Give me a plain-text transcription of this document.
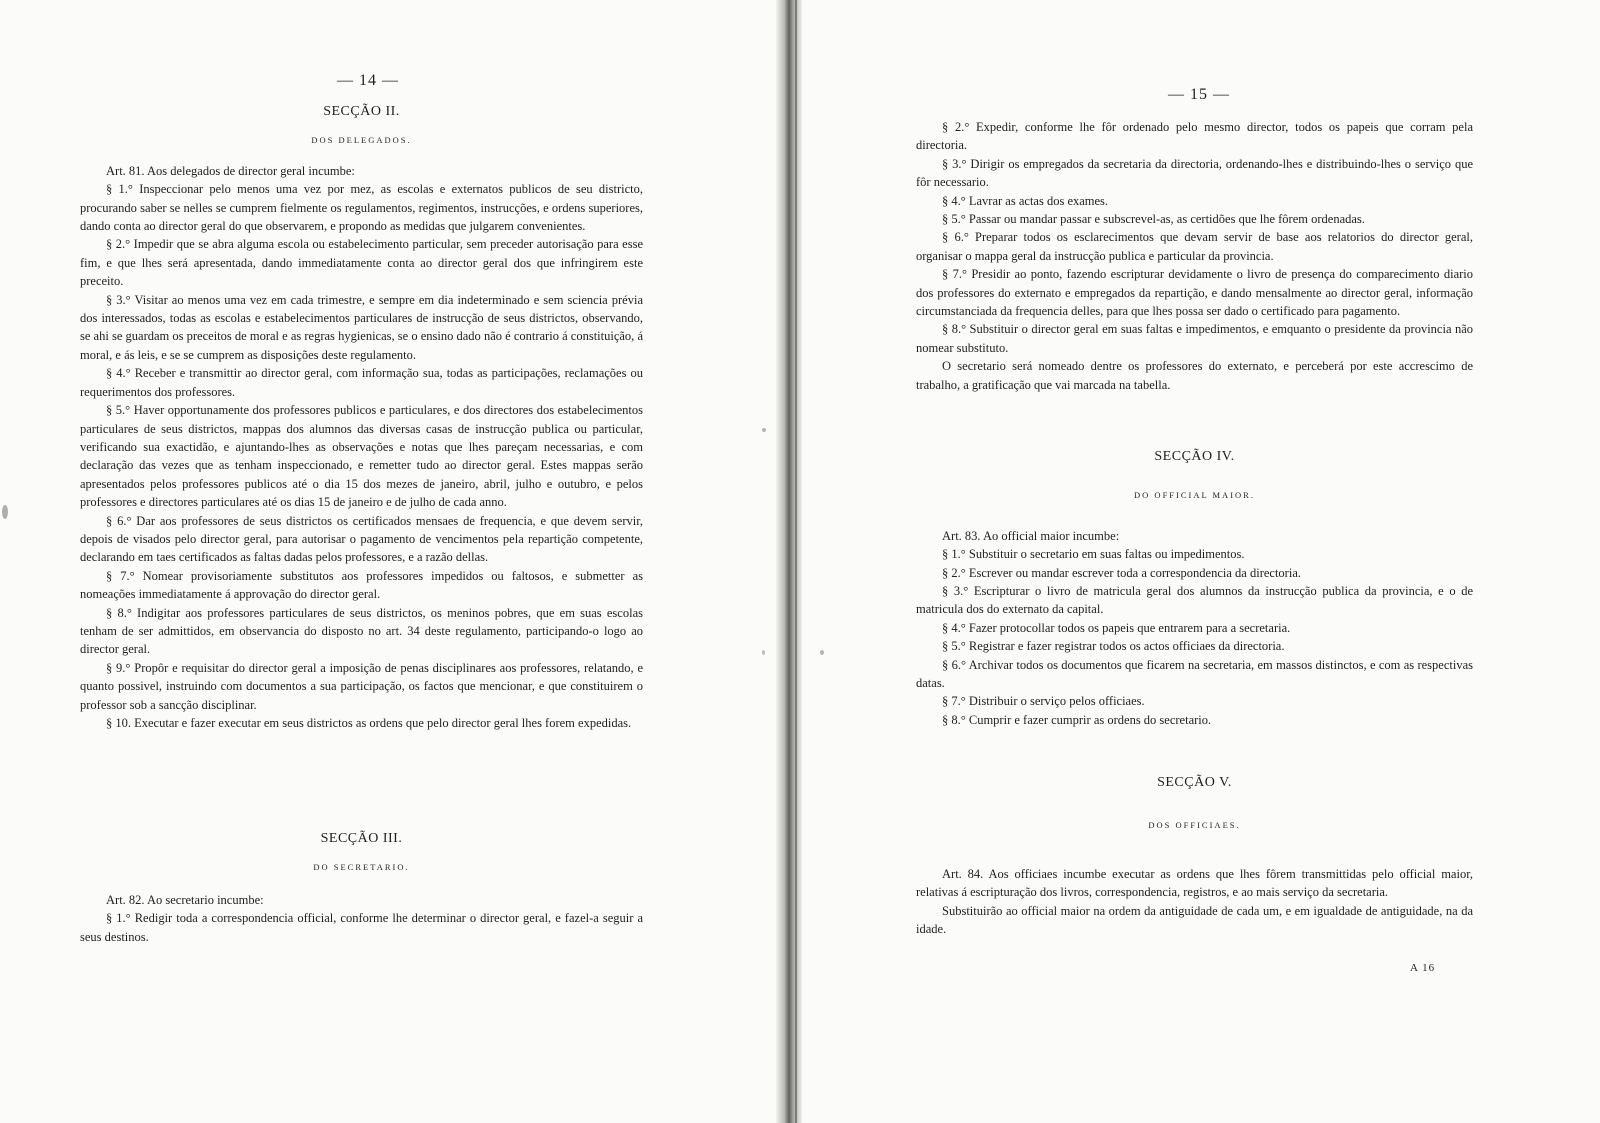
— 14 —

SECÇÃO II.

DOS DELEGADOS.

Art. 81. Aos delegados de director geral incumbe:

§ 1.° Inspeccionar pelo menos uma vez por mez, as escolas e externatos publicos de seu districto, procurando saber se nelles se cumprem fielmente os regulamentos, regimentos, instrucções, e ordens superiores, dando conta ao director geral do que observarem, e propondo as medidas que julgarem convenientes.

§ 2.° Impedir que se abra alguma escola ou estabelecimento particular, sem preceder autorisação para esse fim, e que lhes será apresentada, dando immediatamente conta ao director geral dos que infringirem este preceito.

§ 3.° Visitar ao menos uma vez em cada trimestre, e sempre em dia indeterminado e sem sciencia prévia dos interessados, todas as escolas e estabelecimentos particulares de instrucção de seus districtos, observando, se ahi se guardam os preceitos de moral e as regras hygienicas, se o ensino dado não é contrario á constituição, á moral, e ás leis, e se se cumprem as disposições deste regulamento.

§ 4.° Receber e transmittir ao director geral, com informação sua, todas as participações, reclamações ou requerimentos dos professores.

§ 5.° Haver opportunamente dos professores publicos e particulares, e dos directores dos estabelecimentos particulares de seus districtos, mappas dos alumnos das diversas casas de instrucção publica ou particular, verificando sua exactidão, e ajuntando-lhes as observações e notas que lhes pareçam necessarias, e com declaração das vezes que as tenham inspeccionado, e remetter tudo ao director geral. Estes mappas serão apresentados pelos professores publicos até o dia 15 dos mezes de janeiro, abril, julho e outubro, e pelos professores e directores particulares até os dias 15 de janeiro e de julho de cada anno.

§ 6.° Dar aos professores de seus districtos os certificados mensaes de frequencia, e que devem servir, depois de visados pelo director geral, para autorisar o pagamento de vencimentos pela repartição competente, declarando em taes certificados as faltas dadas pelos professores, e a razão dellas.

§ 7.° Nomear provisoriamente substitutos aos professores impedidos ou faltosos, e submetter as nomeações immediatamente á approvação do director geral.

§ 8.° Indigitar aos professores particulares de seus districtos, os meninos pobres, que em suas escolas tenham de ser admittidos, em observancia do disposto no art. 34 deste regulamento, participando-o logo ao director geral.

§ 9.° Propôr e requisitar do director geral a imposição de penas disciplinares aos professores, relatando, e quanto possivel, instruindo com documentos a sua participação, os factos que mencionar, e que constituirem o professor sob a sancção disciplinar.

§ 10. Executar e fazer executar em seus districtos as ordens que pelo director geral lhes forem expedidas.

SECÇÃO III.

DO SECRETARIO.

Art. 82. Ao secretario incumbe:

§ 1.° Redigir toda a correspondencia official, conforme lhe determinar o director geral, e fazel-a seguir a seus destinos.

— 15 —

§ 2.° Expedir, conforme lhe fôr ordenado pelo mesmo director, todos os papeis que corram pela directoria.

§ 3.° Dirigir os empregados da secretaria da directoria, ordenando-lhes e distribuindo-lhes o serviço que fôr necessario.

§ 4.° Lavrar as actas dos exames.

§ 5.° Passar ou mandar passar e subscrevel-as, as certidões que lhe fôrem ordenadas.

§ 6.° Preparar todos os esclarecimentos que devam servir de base aos relatorios do director geral, organisar o mappa geral da instrucção publica e particular da provincia.

§ 7.° Presidir ao ponto, fazendo escripturar devidamente o livro de presença do comparecimento diario dos professores do externato e empregados da repartição, e dando mensalmente ao director geral, informação circumstanciada da frequencia delles, para que lhes possa ser dado o certificado para pagamento.

§ 8.° Substituir o director geral em suas faltas e impedimentos, e emquanto o presidente da provincia não nomear substituto.

O secretario será nomeado dentre os professores do externato, e perceberá por este accrescimo de trabalho, a gratificação que vai marcada na tabella.

SECÇÃO IV.

DO OFFICIAL MAIOR.

Art. 83. Ao official maior incumbe:

§ 1.° Substituir o secretario em suas faltas ou impedimentos.

§ 2.° Escrever ou mandar escrever toda a correspondencia da directoria.

§ 3.° Escripturar o livro de matricula geral dos alumnos da instrucção publica da provincia, e o de matricula dos do externato da capital.

§ 4.° Fazer protocollar todos os papeis que entrarem para a secretaria.

§ 5.° Registrar e fazer registrar todos os actos officiaes da directoria.

§ 6.° Archivar todos os documentos que ficarem na secretaria, em massos distinctos, e com as respectivas datas.

§ 7.° Distribuir o serviço pelos officiaes.

§ 8.° Cumprir e fazer cumprir as ordens do secretario.

SECÇÃO V.

DOS OFFICIAES.

Art. 84. Aos officiaes incumbe executar as ordens que lhes fôrem transmittidas pelo official maior, relativas á escripturação dos livros, correspondencia, registros, e ao mais serviço da secretaria.

Substituirão ao official maior na ordem da antiguidade de cada um, e em igualdade de antiguidade, na da idade.

A 16
